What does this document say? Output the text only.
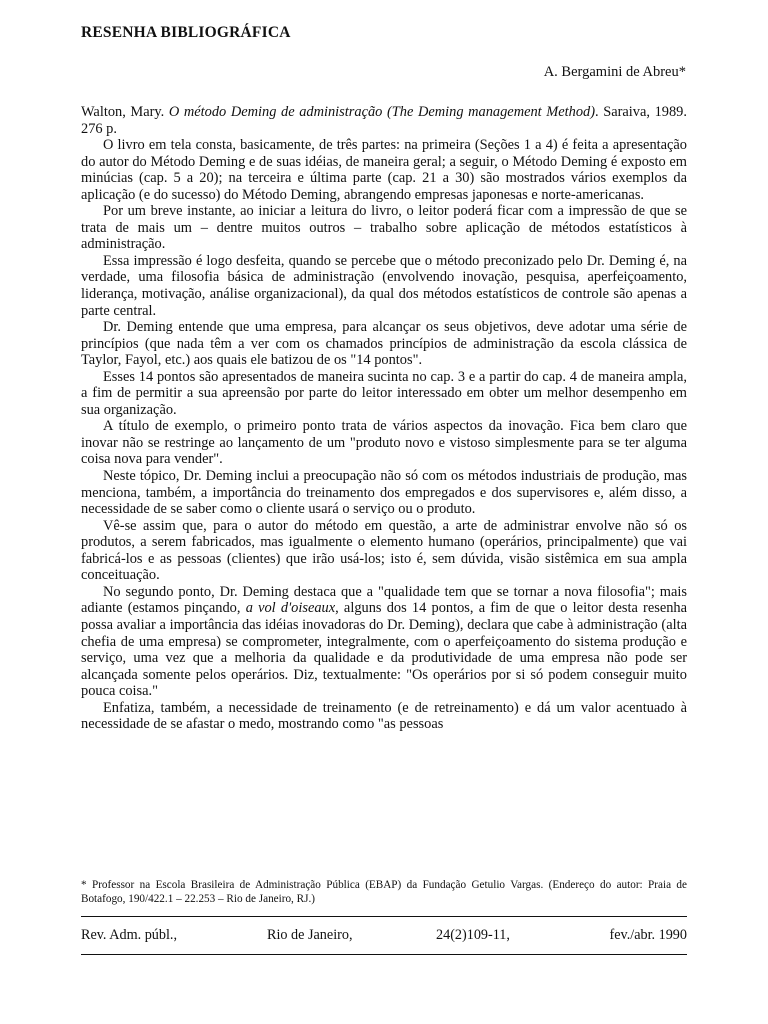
RESENHA BIBLIOGRÁFICA
A. Bergamini de Abreu*

Walton, Mary. O método Deming de administração (The Deming management Method). Saraiva, 1989. 276 p.

O livro em tela consta, basicamente, de três partes: na primeira (Seções 1 a 4) é feita a apresentação do autor do Método Deming e de suas idéias, de maneira geral; a seguir, o Método Deming é exposto em minúcias (cap. 5 a 20); na terceira e última parte (cap. 21 a 30) são mostrados vários exemplos da aplicação (e do sucesso) do Método Deming, abrangendo empresas japonesas e norte-americanas.

Por um breve instante, ao iniciar a leitura do livro, o leitor poderá ficar com a impressão de que se trata de mais um – dentre muitos outros – trabalho sobre aplicação de métodos estatísticos à administração.

Essa impressão é logo desfeita, quando se percebe que o método preconizado pelo Dr. Deming é, na verdade, uma filosofia básica de administração (envolvendo inovação, pesquisa, aperfeiçoamento, liderança, motivação, análise organizacional), da qual dos métodos estatísticos de controle são apenas a parte central.

Dr. Deming entende que uma empresa, para alcançar os seus objetivos, deve adotar uma série de princípios (que nada têm a ver com os chamados princípios de administração da escola clássica de Taylor, Fayol, etc.) aos quais ele batizou de os "14 pontos".

Esses 14 pontos são apresentados de maneira sucinta no cap. 3 e a partir do cap. 4 de maneira ampla, a fim de permitir a sua apreensão por parte do leitor interessado em obter um melhor desempenho em sua organização.

A título de exemplo, o primeiro ponto trata de vários aspectos da inovação. Fica bem claro que inovar não se restringe ao lançamento de um "produto novo e vistoso simplesmente para se ter alguma coisa nova para vender".

Neste tópico, Dr. Deming inclui a preocupação não só com os métodos industriais de produção, mas menciona, também, a importância do treinamento dos empregados e dos supervisores e, além disso, a necessidade de se saber como o cliente usará o serviço ou o produto.

Vê-se assim que, para o autor do método em questão, a arte de administrar envolve não só os produtos, a serem fabricados, mas igualmente o elemento humano (operários, principalmente) que vai fabricá-los e as pessoas (clientes) que irão usá-los; isto é, sem dúvida, visão sistêmica em sua ampla conceituação.

No segundo ponto, Dr. Deming destaca que a "qualidade tem que se tornar a nova filosofia"; mais adiante (estamos pinçando, a vol d'oiseaux, alguns dos 14 pontos, a fim de que o leitor desta resenha possa avaliar a importância das idéias inovadoras do Dr. Deming), declara que cabe à administração (alta chefia de uma empresa) se comprometer, integralmente, com o aperfeiçoamento do sistema produção e serviço, uma vez que a melhoria da qualidade e da produtividade de uma empresa não pode ser alcançada somente pelos operários. Diz, textualmente: "Os operários por si só podem conseguir muito pouca coisa."

Enfatiza, também, a necessidade de treinamento (e de retreinamento) e dá um valor acentuado à necessidade de se afastar o medo, mostrando como "as pessoas

* Professor na Escola Brasileira de Administração Pública (EBAP) da Fundação Getulio Vargas. (Endereço do autor: Praia de Botafogo, 190/422.1 – 22.253 – Rio de Janeiro, RJ.)
Rev. Adm. públ.,	Rio de Janeiro,	24(2)109-11,	fev./abr. 1990
